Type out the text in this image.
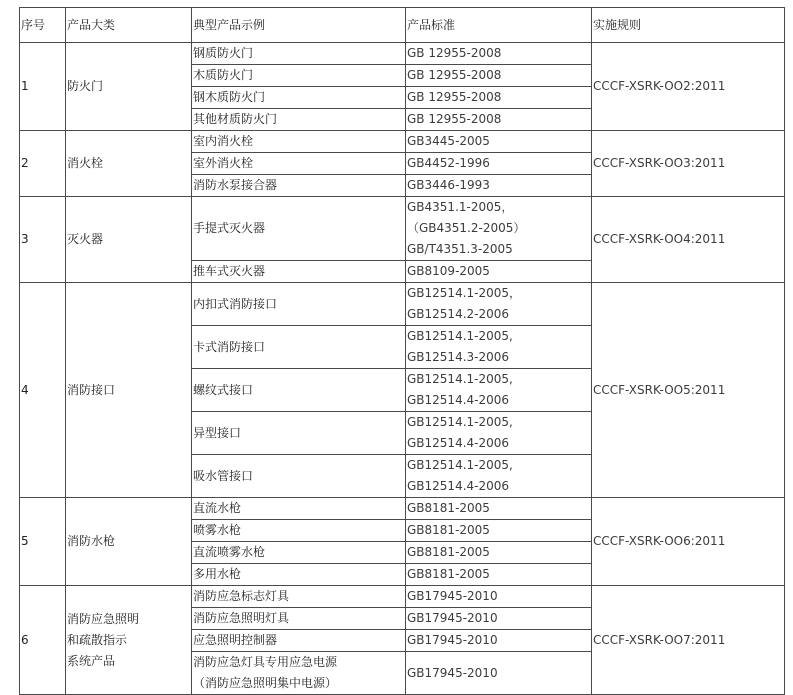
序号	产品大类	典型产品示例	产品标准	实施规则
1	防火门	钢质防火门	GB 12955-2008	CCCF-XSRK-OO2:2011

		木质防火门	GB 12955-2008	

		钢木质防火门	GB 12955-2008	

		其他材质防火门	GB 12955-2008	

2	消火栓	室内消火栓	GB3445-2005	CCCF-XSRK-OO3:2011

		室外消火栓	GB4452-1996	

		消防水泵接合器	GB3446-1993	

3	灭火器	手提式灭火器	GB4351.1-2005，
（GB4351.2-2005）
GB/T4351.3-2005	CCCF-XSRK-OO4:2011

		推车式灭火器	GB8109-2005	

4	消防接口	内扣式消防接口	GB12514.1-2005，
GB12514.2-2006	CCCF-XSRK-OO5:2011

		卡式消防接口	GB12514.1-2005,
GB12514.3-2006	

		螺纹式接口	GB12514.1-2005,
GB12514.4-2006	

		异型接口	GB12514.1-2005,
GB12514.4-2006	

		吸水管接口	GB12514.1-2005,
GB12514.4-2006	

5	消防水枪	直流水枪	GB8181-2005	CCCF-XSRK-OO6:2011

		喷雾水枪	GB8181-2005	

		直流喷雾水枪	GB8181-2005	

		多用水枪	GB8181-2005	

6	消防应急照明
和疏散指示
系统产品	消防应急标志灯具	GB17945-2010	CCCF-XSRK-OO7:2011

		消防应急照明灯具	GB17945-2010	

		应急照明控制器	GB17945-2010	

		消防应急灯具专用应急电源
（消防应急照明集中电源）	GB17945-2010	
